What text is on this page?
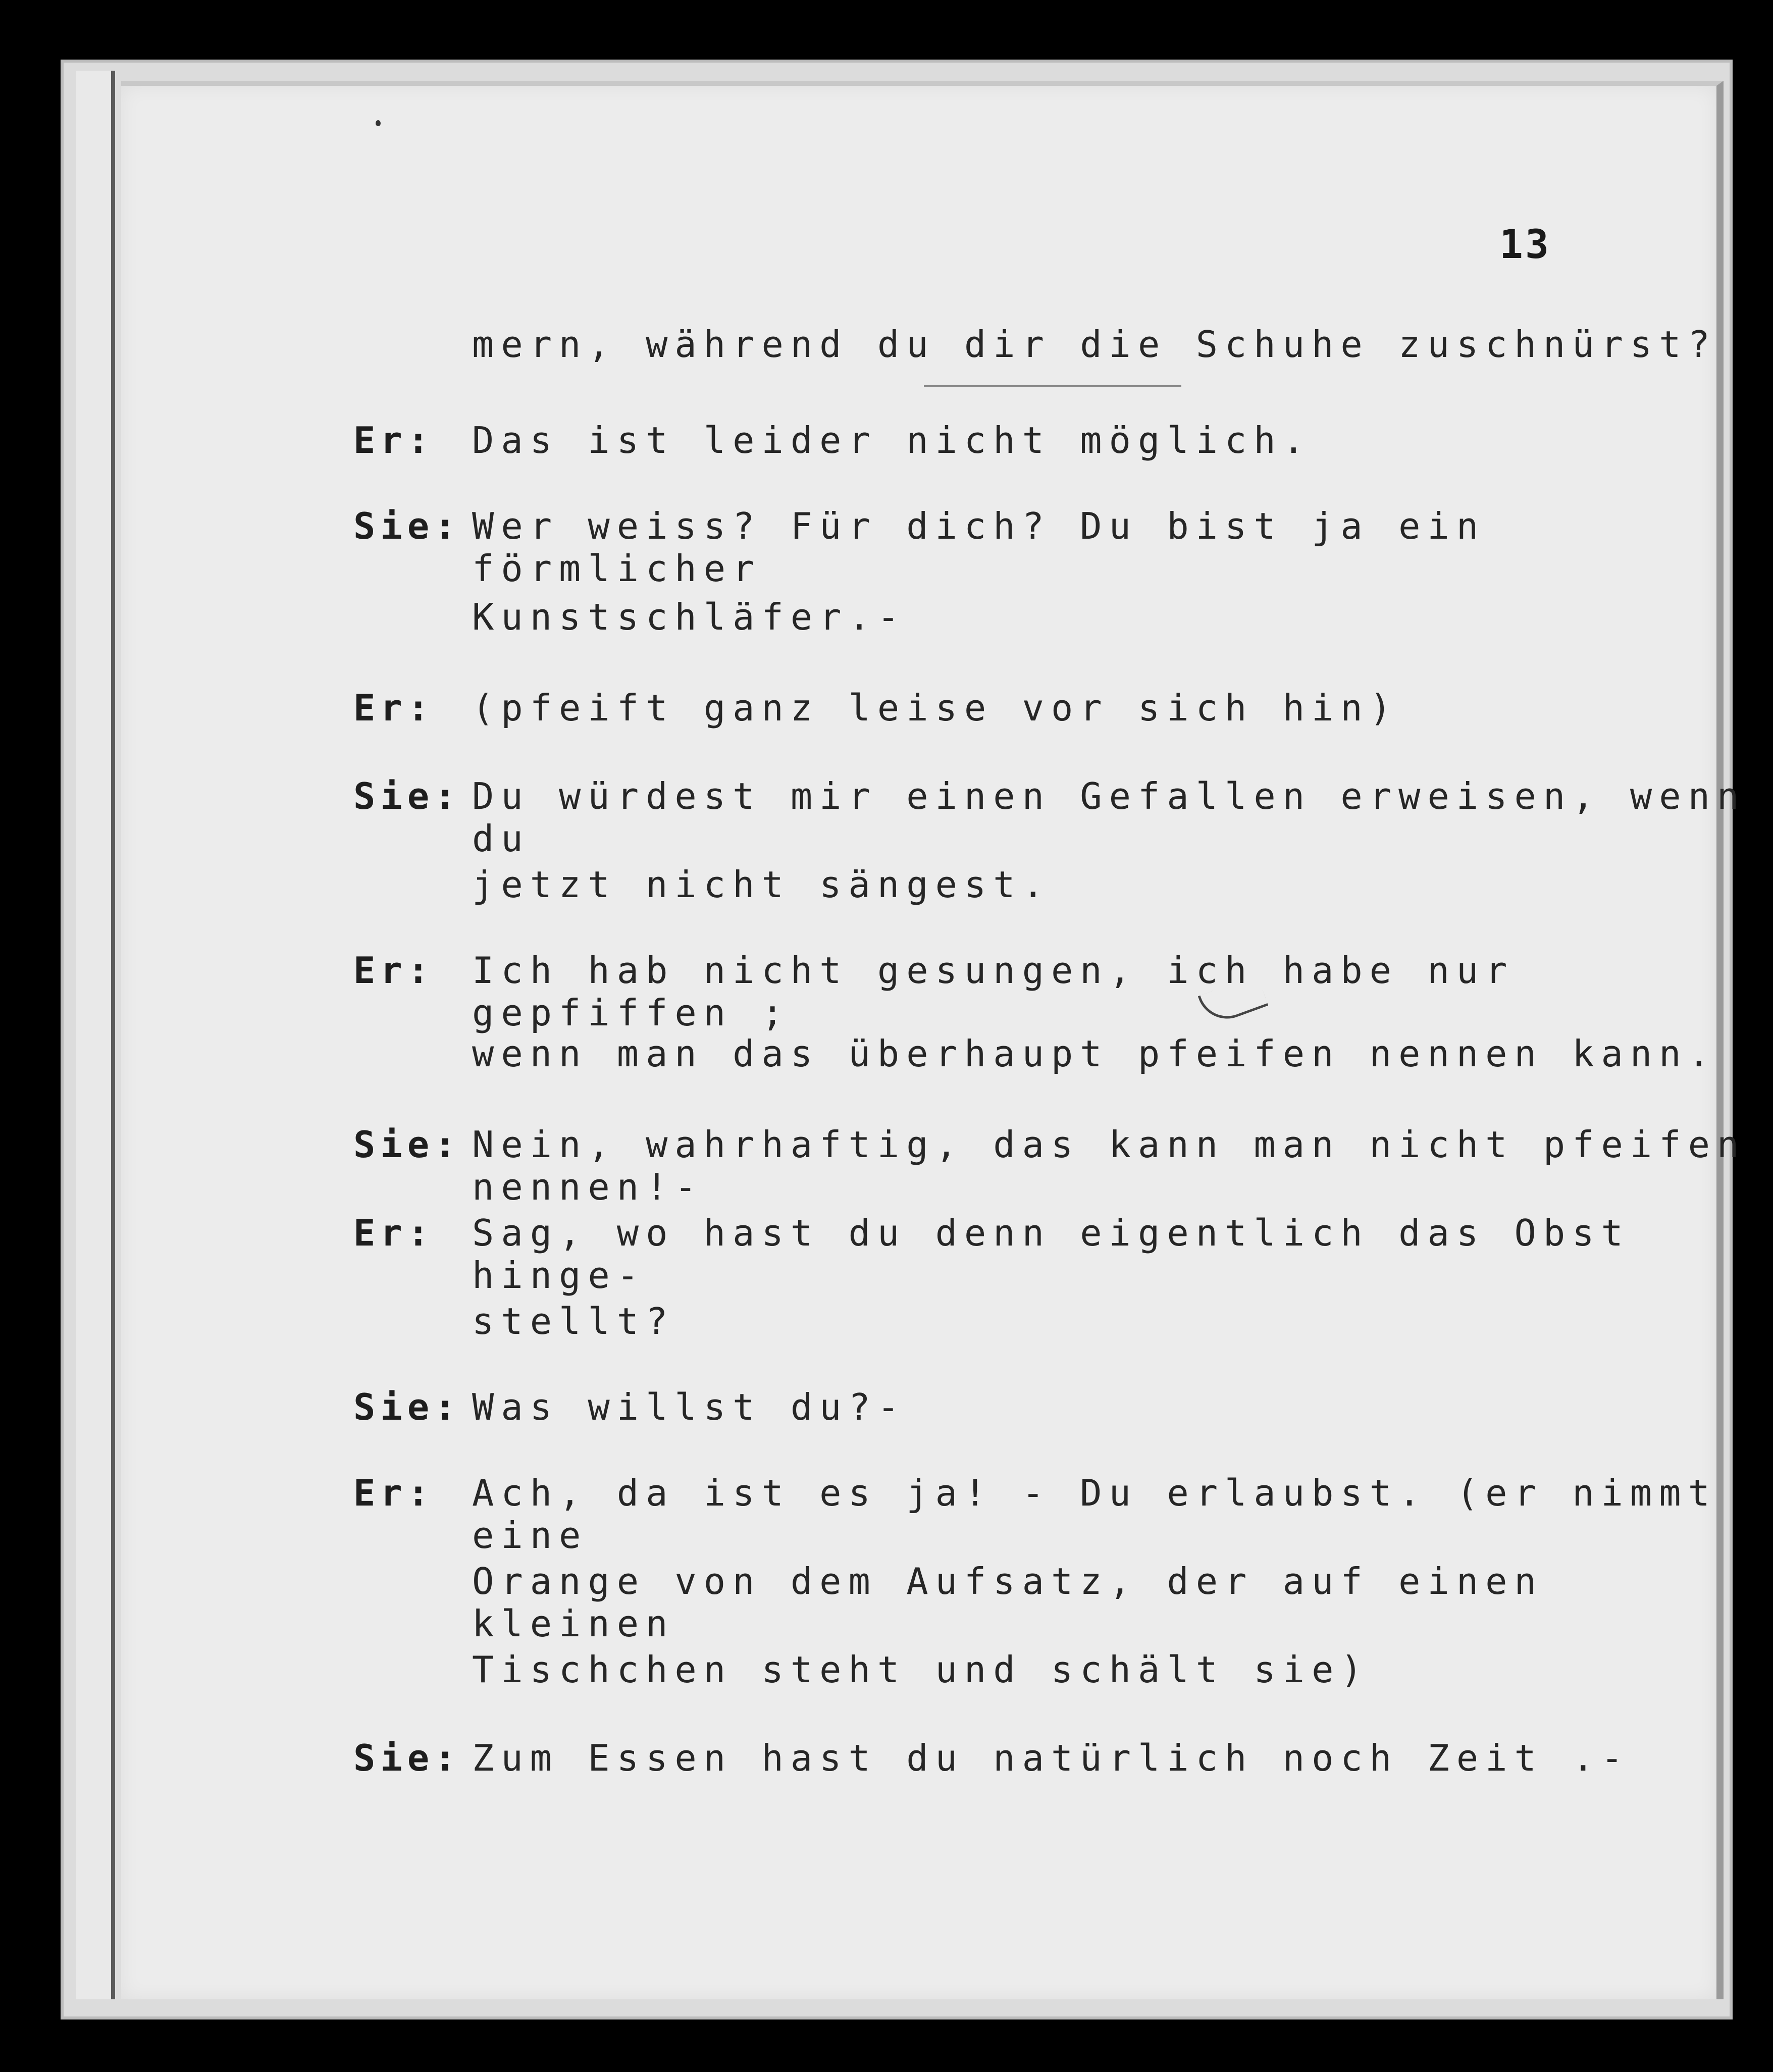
13
mern, während du dir die Schuhe zuschnürst?
Er: Das ist leider nicht möglich.
Sie: Wer weiss? Für dich? Du bist ja ein förmlicher
Kunstschläfer.-
Er: (pfeift ganz leise vor sich hin)
Sie: Du würdest mir einen Gefallen erweisen, wenn du
jetzt nicht sängest.
Er: Ich hab nicht gesungen, ich habe nur gepfiffen ;
wenn man das überhaupt pfeifen nennen kann.
Sie: Nein, wahrhaftig, das kann man nicht pfeifen nennen!-
Er: Sag, wo hast du denn eigentlich das Obst hinge-
stellt?
Sie: Was willst du?-
Er: Ach, da ist es ja! - Du erlaubst. (er nimmt eine
Orange von dem Aufsatz, der auf einen kleinen
Tischchen steht und schält sie)
Sie: Zum Essen hast du natürlich noch Zeit .-
